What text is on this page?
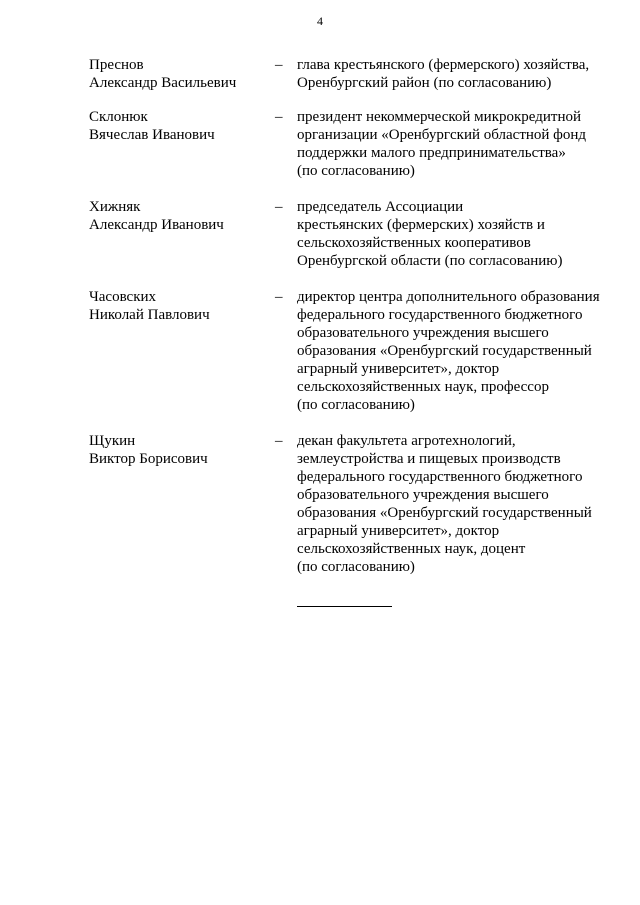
4
Преснов
Александр Васильевич
– глава крестьянского (фермерского) хозяйства,
Оренбургский район (по согласованию)
Склонюк
Вячеслав Иванович
– президент некоммерческой микрокредитной
организации «Оренбургский областной фонд
поддержки малого предпринимательства»
(по согласованию)
Хижняк
Александр Иванович
– председатель Ассоциации
крестьянских (фермерских) хозяйств и
сельскохозяйственных кооперативов
Оренбургской области (по согласованию)
Часовских
Николай Павлович
– директор центра дополнительного образования
федерального государственного бюджетного
образовательного учреждения высшего
образования «Оренбургский государственный
аграрный университет», доктор
сельскохозяйственных наук, профессор
(по согласованию)
Щукин
Виктор Борисович
– декан факультета агротехнологий,
землеустройства и пищевых производств
федерального государственного бюджетного
образовательного учреждения высшего
образования «Оренбургский государственный
аграрный университет», доктор
сельскохозяйственных наук, доцент
(по согласованию)
